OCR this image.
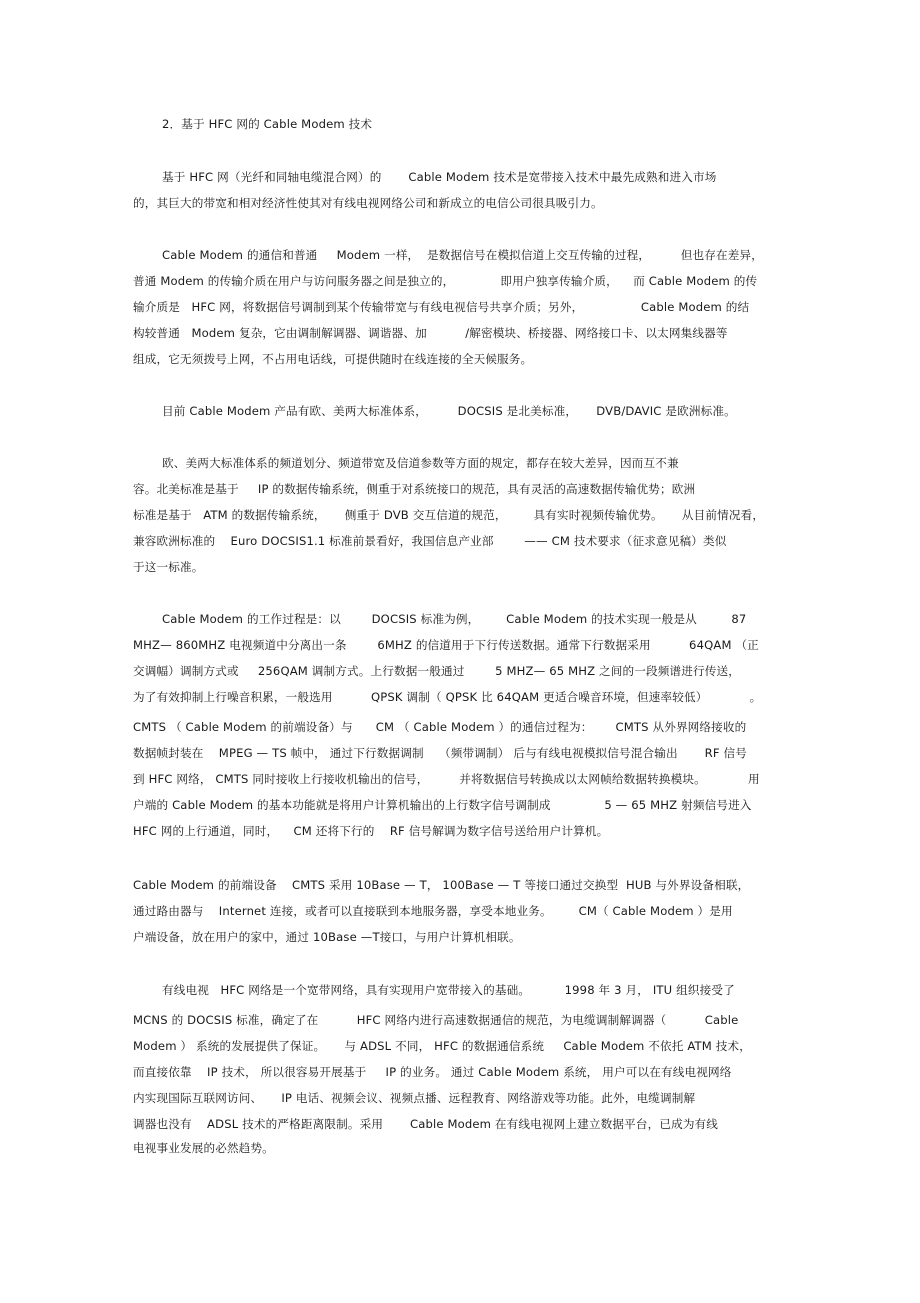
2．基于 HFC 网的 Cable Modem 技术
基于 HFC 网（光纤和同轴电缆混合网）的       Cable Modem 技术是宽带接入技术中最先成熟和进入市场
的，其巨大的带宽和相对经济性使其对有线电视网络公司和新成立的电信公司很具吸引力。
Cable Modem 的通信和普通     Modem 一样，  是数据信号在模拟信道上交互传输的过程，        但也存在差异，
普通 Modem 的传输介质在用户与访问服务器之间是独立的，            即用户独享传输介质，    而 Cable Modem 的传
输介质是   HFC 网，将数据信号调制到某个传输带宽与有线电视信号共享介质；另外，               Cable Modem 的结
构较普通   Modem 复杂，它由调制解调器、调谐器、加          /解密模块、桥接器、网络接口卡、以太网集线器等
组成，它无须拨号上网，不占用电话线，可提供随时在线连接的全天候服务。
目前 Cable Modem 产品有欧、美两大标准体系，        DOCSIS 是北美标准，     DVB/DAVIC 是欧洲标准。
欧、美两大标准体系的频道划分、频道带宽及信道参数等方面的规定，都存在较大差异，因而互不兼
容。北美标准是基于     IP 的数据传输系统，侧重于对系统接口的规范，具有灵活的高速数据传输优势；欧洲
标准是基于   ATM 的数据传输系统，     侧重于 DVB 交互信道的规范，       具有实时视频传输优势。     从目前情况看，
兼容欧洲标准的    Euro DOCSIS1.1 标准前景看好，我国信息产业部        —— CM 技术要求（征求意见稿）类似
于这一标准。
Cable Modem 的工作过程是：以        DOCSIS 标准为例，       Cable Modem 的技术实现一般是从         87
MHZ— 860MHZ 电视频道中分离出一条        6MHZ 的信道用于下行传送数据。通常下行数据采用          64QAM （正
交调幅）调制方式或     256QAM 调制方式。上行数据一般通过        5 MHZ— 65 MHZ 之间的一段频谱进行传送，
为了有效抑制上行噪音积累，一般选用          QPSK 调制（ QPSK 比 64QAM 更适合噪音环境，但速率较低）           。
CMTS （ Cable Modem 的前端设备）与      CM （ Cable Modem ）的通信过程为：      CMTS 从外界网络接收的
数据帧封装在    MPEG — TS 帧中， 通过下行数据调制    （频带调制） 后与有线电视模拟信号混合输出       RF 信号
到 HFC 网络， CMTS 同时接收上行接收机输出的信号，        并将数据信号转换成以太网帧给数据转换模块。           用
户端的 Cable Modem 的基本功能就是将用户计算机输出的上行数字信号调制成              5 — 65 MHZ 射频信号进入
HFC 网的上行通道，同时，    CM 还将下行的    RF 信号解调为数字信号送给用户计算机。
Cable Modem 的前端设备    CMTS 采用 10Base — T， 100Base — T 等接口通过交换型  HUB 与外界设备相联，
通过路由器与    Internet 连接，或者可以直接联到本地服务器，享受本地业务。       CM（ Cable Modem ）是用
户端设备，放在用户的家中，通过 10Base —T接口，与用户计算机相联。
有线电视   HFC 网络是一个宽带网络，具有实现用户宽带接入的基础。         1998 年 3 月， ITU 组织接受了
MCNS 的 DOCSIS 标准，确定了在          HFC 网络内进行高速数据通信的规范，为电缆调制解调器（          Cable
Modem ） 系统的发展提供了保证。     与 ADSL 不同， HFC 的数据通信系统     Cable Modem 不依托 ATM 技术，
而直接依靠    IP 技术， 所以很容易开展基于     IP 的业务。 通过 Cable Modem 系统， 用户可以在有线电视网络
内实现国际互联网访问、     IP 电话、视频会议、视频点播、远程教育、网络游戏等功能。此外，电缆调制解
调器也没有    ADSL 技术的严格距离限制。采用       Cable Modem 在有线电视网上建立数据平台，已成为有线
电视事业发展的必然趋势。
